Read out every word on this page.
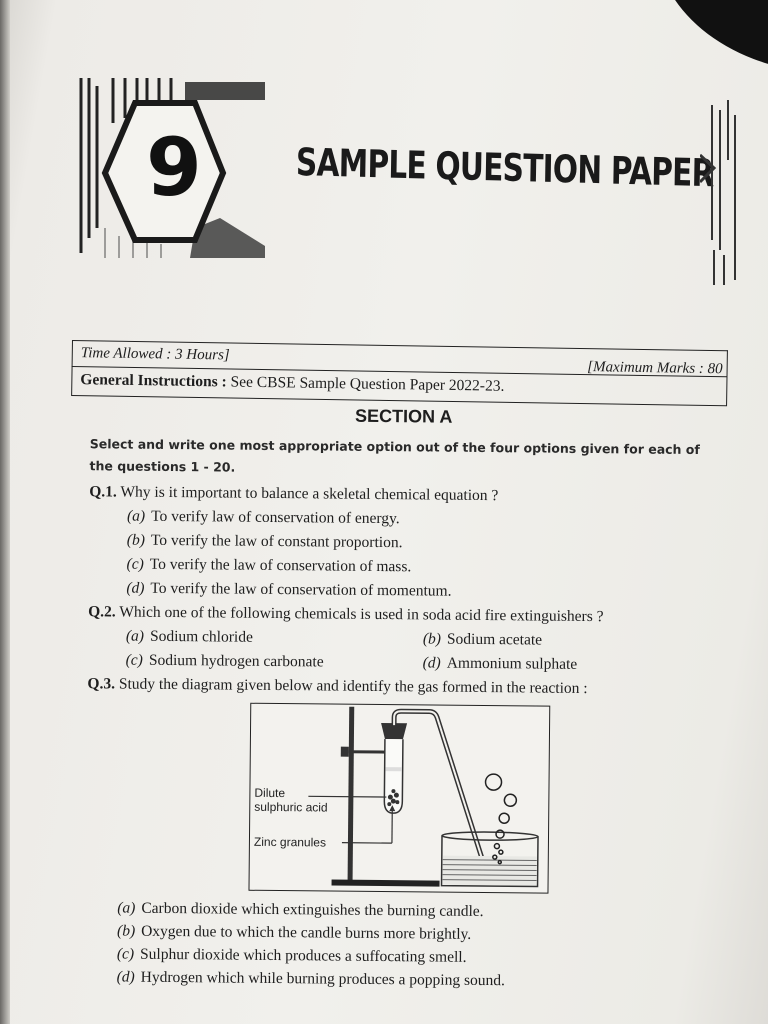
9	SAMPLE QUESTION PAPER
Time Allowed : 3 Hours]
[Maximum Marks : 80
General Instructions : See CBSE Sample Question Paper 2022-23.
SECTION A
Select and write one most appropriate option out of the four options given for each of
the questions 1 - 20.
Q.1. Why is it important to balance a skeletal chemical equation ?
(a) To verify law of conservation of energy.
(b) To verify the law of constant proportion.
(c) To verify the law of conservation of mass.
(d) To verify the law of conservation of momentum.
Q.2. Which one of the following chemicals is used in soda acid fire extinguishers ?
(a) Sodium chloride	(b) Sodium acetate
(c) Sodium hydrogen carbonate	(d) Ammonium sulphate
Q.3. Study the diagram given below and identify the gas formed in the reaction :
Dilute
sulphuric acid
Zinc granules
(a) Carbon dioxide which extinguishes the burning candle.
(b) Oxygen due to which the candle burns more brightly.
(c) Sulphur dioxide which produces a suffocating smell.
(d) Hydrogen which while burning produces a popping sound.
